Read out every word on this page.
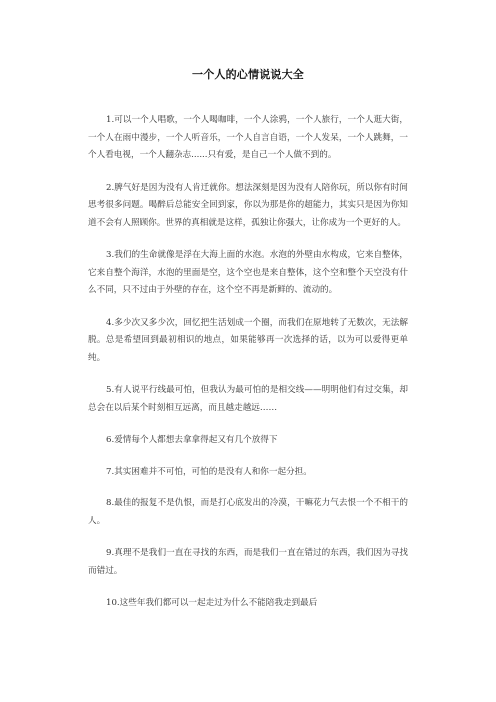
一个人的心情说说大全

1.可以一个人唱歌，一个人喝咖啡，一个人涂鸦，一个人旅行，一个人逛大街，一个人在雨中漫步，一个人听音乐，一个人自言自语，一个人发呆，一个人跳舞，一个人看电视，一个人翻杂志......只有爱，是自己一个人做不到的。

2.脾气好是因为没有人肯迁就你。想法深刻是因为没有人陪你玩，所以你有时间思考很多问题。喝醉后总能安全回到家，你以为那是你的超能力，其实只是因为你知道不会有人照顾你。世界的真相就是这样，孤独让你强大，让你成为一个更好的人。

3.我们的生命就像是浮在大海上面的水泡。水泡的外壁由水构成，它来自整体，它来自整个海洋，水泡的里面是空，这个空也是来自整体，这个空和整个天空没有什么不同，只不过由于外壁的存在，这个空不再是新鲜的、流动的。

4.多少次又多少次，回忆把生活划成一个圈，而我们在原地转了无数次，无法解脱。总是希望回到最初相识的地点，如果能够再一次选择的话，以为可以爱得更单纯。

5.有人说平行线最可怕，但我认为最可怕的是相交线——明明他们有过交集，却总会在以后某个时刻相互远离，而且越走越远……

6.爱情每个人都想去拿拿得起又有几个放得下

7.其实困难并不可怕，可怕的是没有人和你一起分担。

8.最佳的报复不是仇恨，而是打心底发出的冷漠，干嘛花力气去恨一个不相干的人。

9.真理不是我们一直在寻找的东西，而是我们一直在错过的东西，我们因为寻找而错过。

10.这些年我们都可以一起走过为什么不能陪我走到最后
